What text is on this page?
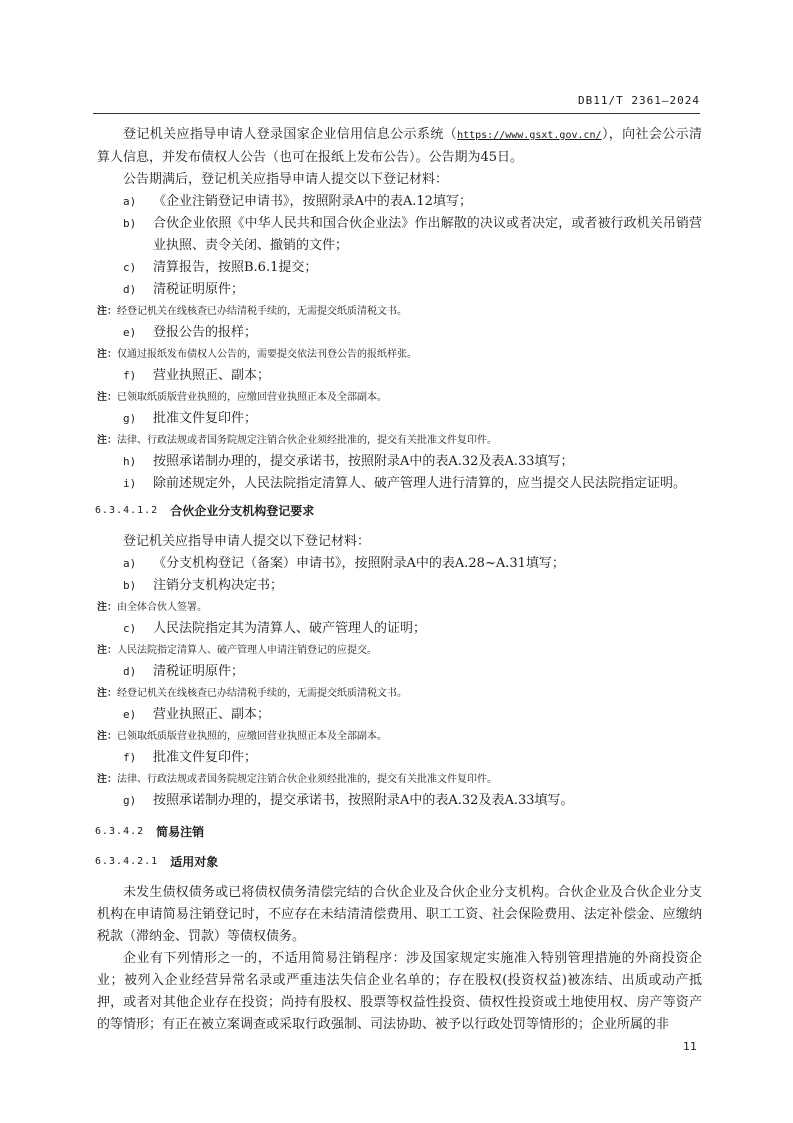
DB11/T 2361—2024

登记机关应指导申请人登录国家企业信用信息公示系统（https://www.gsxt.gov.cn/），向社会公示清算人信息，并发布债权人公告（也可在报纸上发布公告）。公告期为45日。

公告期满后，登记机关应指导申请人提交以下登记材料：

a)	《企业注销登记申请书》，按照附录A中的表A.12填写；
b)	合伙企业依照《中华人民共和国合伙企业法》作出解散的决议或者决定，或者被行政机关吊销营业执照、责令关闭、撤销的文件；
c)	清算报告，按照B.6.1提交；
d)	清税证明原件；
注： 经登记机关在线核查已办结清税手续的，无需提交纸质清税文书。
e)	登报公告的报样；
注： 仅通过报纸发布债权人公告的，需要提交依法刊登公告的报纸样张。
f)	营业执照正、副本；
注： 已领取纸质版营业执照的，应缴回营业执照正本及全部副本。
g)	批准文件复印件；
注： 法律、行政法规或者国务院规定注销合伙企业须经批准的，提交有关批准文件复印件。
h)	按照承诺制办理的，提交承诺书，按照附录A中的表A.32及表A.33填写；
i)	除前述规定外，人民法院指定清算人、破产管理人进行清算的，应当提交人民法院指定证明。
6.3.4.1.2 合伙企业分支机构登记要求

登记机关应指导申请人提交以下登记材料：

a)	《分支机构登记（备案）申请书》，按照附录A中的表A.28~A.31填写；
b)	注销分支机构决定书；
注： 由全体合伙人签署。
c)	人民法院指定其为清算人、破产管理人的证明；
注： 人民法院指定清算人、破产管理人申请注销登记的应提交。
d)	清税证明原件；
注： 经登记机关在线核查已办结清税手续的，无需提交纸质清税文书。
e)	营业执照正、副本；
注： 已领取纸质版营业执照的，应缴回营业执照正本及全部副本。
f)	批准文件复印件；
注： 法律、行政法规或者国务院规定注销合伙企业须经批准的，提交有关批准文件复印件。
g)	按照承诺制办理的，提交承诺书，按照附录A中的表A.32及表A.33填写。
6.3.4.2 简易注销
6.3.4.2.1 适用对象

未发生债权债务或已将债权债务清偿完结的合伙企业及合伙企业分支机构。合伙企业及合伙企业分支机构在申请简易注销登记时，不应存在未结清清偿费用、职工工资、社会保险费用、法定补偿金、应缴纳税款（滞纳金、罚款）等债权债务。

企业有下列情形之一的，不适用简易注销程序：涉及国家规定实施准入特别管理措施的外商投资企业；被列入企业经营异常名录或严重违法失信企业名单的；存在股权(投资权益)被冻结、出质或动产抵押，或者对其他企业存在投资；尚持有股权、股票等权益性投资、债权性投资或土地使用权、房产等资产的等情形；有正在被立案调查或采取行政强制、司法协助、被予以行政处罚等情形的；企业所属的非

11
